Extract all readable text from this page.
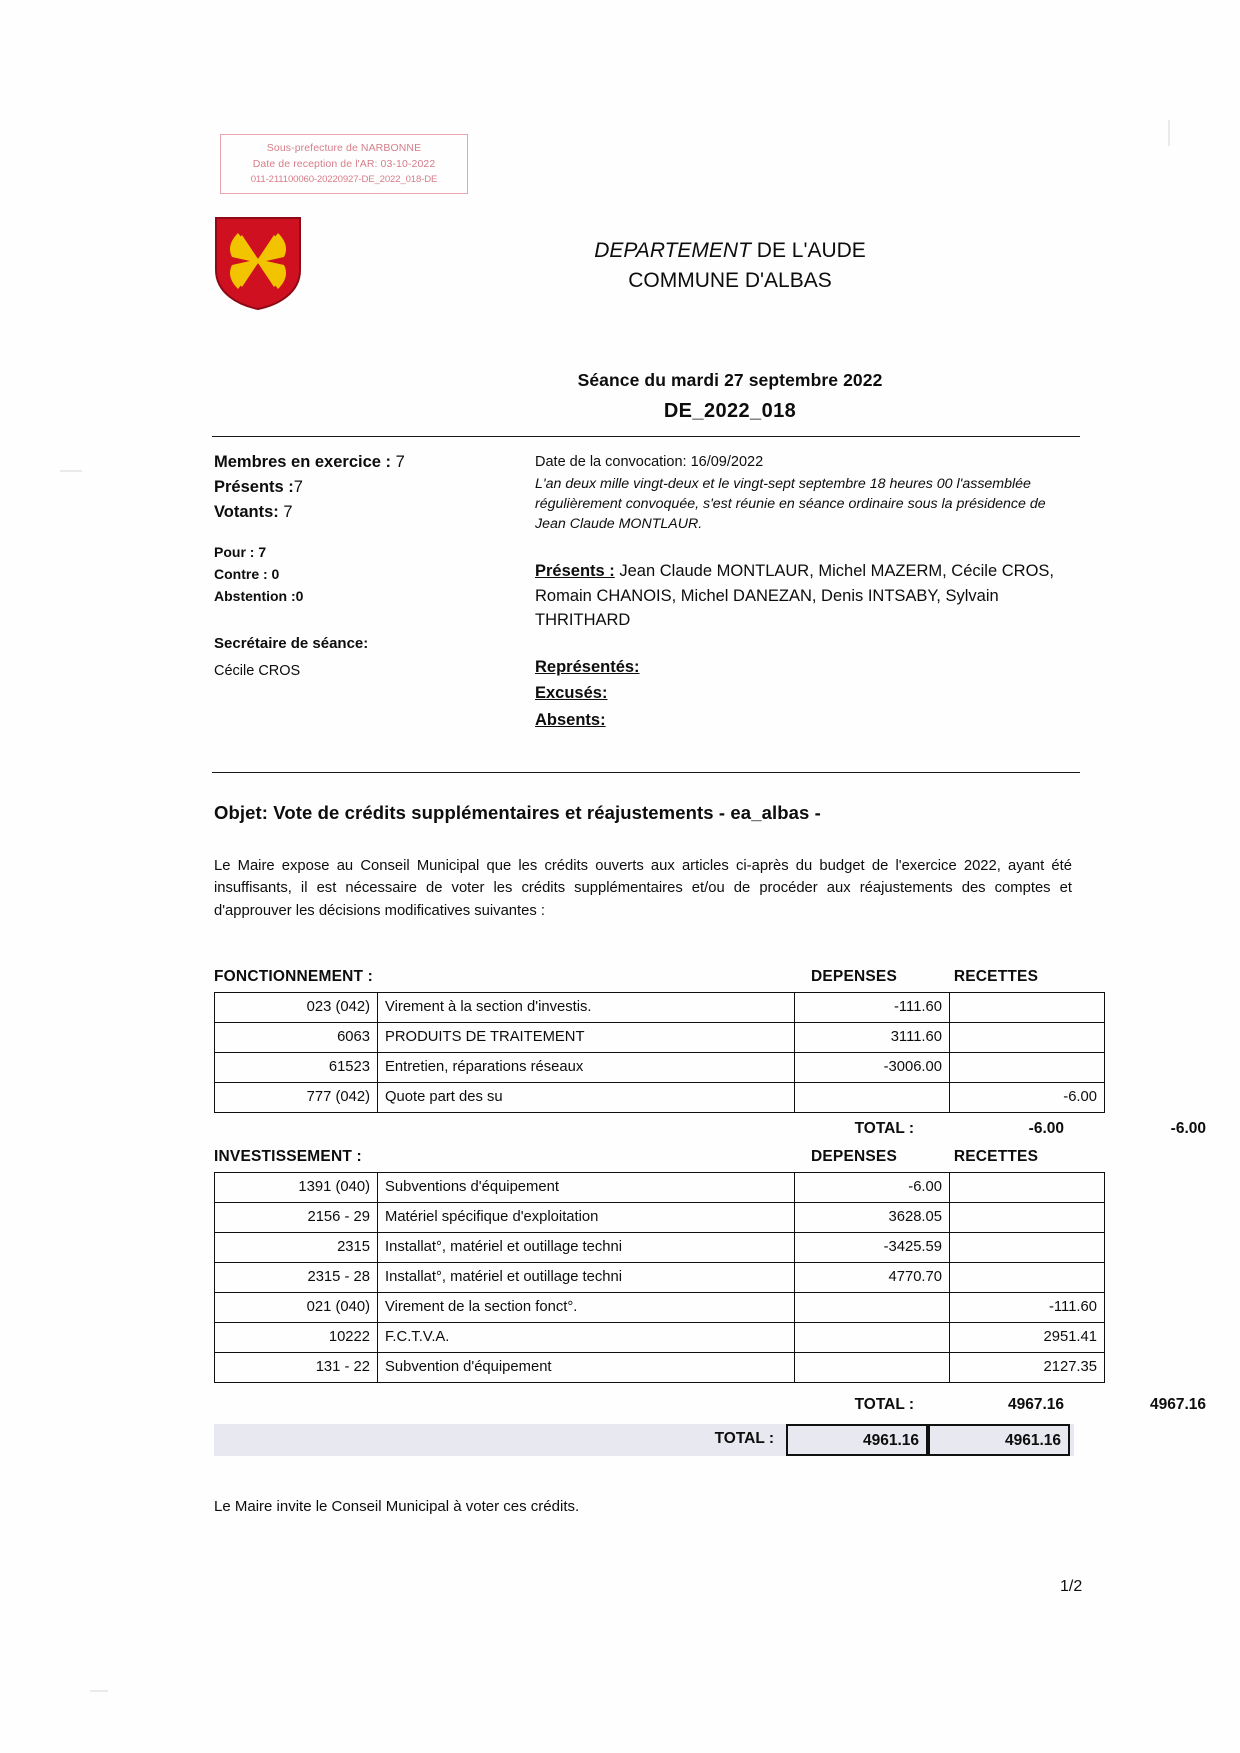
Sous-prefecture de NARBONNE
Date de reception de l'AR: 03-10-2022
011-211100060-20220927-DE_2022_018-DE
DEPARTEMENT DE L'AUDE
COMMUNE D'ALBAS
Séance du mardi 27 septembre 2022
DE_2022_018
Membres en exercice : 7
Présents :7
Votants: 7
Pour : 7
Contre : 0
Abstention :0
Secrétaire de séance:
Cécile CROS
Date de la convocation: 16/09/2022
L'an deux mille vingt-deux et le vingt-sept septembre 18 heures 00 l'assemblée régulièrement convoquée, s'est réunie en séance ordinaire sous la présidence de Jean Claude MONTLAUR.
Présents : Jean Claude MONTLAUR, Michel MAZERM, Cécile CROS, Romain CHANOIS, Michel DANEZAN, Denis INTSABY, Sylvain THRITHARD
Représentés:
Excusés:
Absents:
Objet: Vote de crédits supplémentaires et réajustements - ea_albas -
Le Maire expose au Conseil Municipal que les crédits ouverts aux articles ci-après du budget de l'exercice 2022, ayant été insuffisants, il est nécessaire de voter les crédits supplémentaires et/ou de procéder aux réajustements des comptes et d'approuver les décisions modificatives suivantes :
FONCTIONNEMENT :	DEPENSES	RECETTES
023 (042)	Virement à la section d'investis.	-111.60	
6063	PRODUITS DE TRAITEMENT	3111.60	
61523	Entretien, réparations réseaux	-3006.00	
777 (042)	Quote part des su		-6.00
TOTAL :	-6.00	-6.00
INVESTISSEMENT :	DEPENSES	RECETTES
1391 (040)	Subventions d'équipement	-6.00	
2156 - 29	Matériel spécifique d'exploitation	3628.05	
2315	Installat°, matériel et outillage techni	-3425.59	
2315 - 28	Installat°, matériel et outillage techni	4770.70	
021 (040)	Virement de la section fonct°.		-111.60
10222	F.C.T.V.A.		2951.41
131 - 22	Subvention d'équipement		2127.35
TOTAL :	4967.16	4967.16
TOTAL :	4961.16	4961.16
Le Maire invite le Conseil Municipal à voter ces crédits.
1/2
